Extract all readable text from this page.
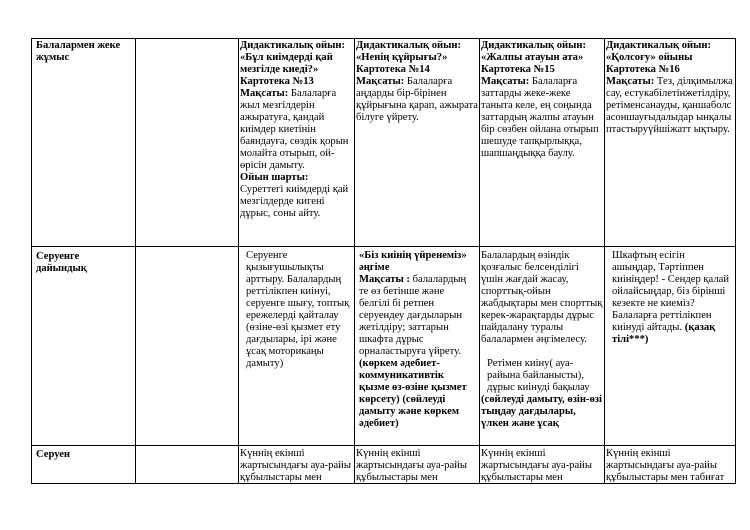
Балалармен жеке жұмыс

Дидактикалық ойын: «Бұл киімдерді қай мезгілде киеді?»

Картотека №13

Мақсаты: Балаларға жыл мезгілдерін ажыратуға, қандай киімдер киетінін баяндауға, сөздік қорын молайта отырып, ой-өрісін дамыту.

Ойын шарты:

Суреттегі киімдерді қай мезгілдерде кигені дұрыс, соны айту.

Дидактикалық ойын: «Ненің құйрығы?»

Картотека №14

Мақсаты: Балаларға аңдарды бір-бірінен құйрығына қарап, ажырата білуге үйрету.

Дидактикалық ойын: «Жалпы атауын ата»

Картотека №15

Мақсаты: Балаларға заттарды жеке-жеке таныта келе, ең соңында заттардың жалпы атауын бір сөзбен ойлана отырып шешуде тапқырлыққа, шапшаңдыққа баулу.

Дидактикалық ойын: «Қолсоғу» ойыны

Картотека №16

Мақсаты: Тез, ділқимылжасау, естукабілетінжетілдіру, ретіменсанауды, қаншаболсасоншауғыдалыдар ынқалыптастыруүйшіжатт ықтыру.

Серуенге дайындық

Серуенге қызығушылықты арттыру. Балалардың реттілікпен киінуі, серуенге шығу, топтық ережелерді қайталау (өзіне-өзі қызмет ету дағдылары, ірі және ұсақ моторикаңы дамыту)

«Біз киінің үйренеміз» әңгіме

Мақсаты : балалардың те өз бетінше және белгілі бі ретпен серуендеу дағдыларын жетілдіру; заттарын шкафта дұрыс орналастыруға үйрету.

(көркем әдебиет-коммуникативтік қызме өз-өзіне қызмет көрсету) (сөйлеуді дамыту және көркем әдебиет)

Балалардың өзіндік қозғалыс белсенділігі үшін жағдай жасау, спорттық-ойын жабдықтары мен спорттық керек-жарақтарды дұрыс пайдалану туралы балалармен әңгімелесу.

Ретімен киіну( ауа-райына байланысты), дұрыс киінуді бақылау

(сөйлеуді дамыту, өзін-өзі тыңдау дағдылары, үлкен және ұсақ

Шкафтың есігін ашыңдар, Тәртіппен киініңдер! - Сендер қалай ойлайсыңдар, біз бірінші кезекте не киеміз? Балаларға реттілікпен киінуді айтады. (қазақ тілі***)

Серуен	Күннің екінші жартысындағы ауа-райы құбылыстары мен

Күннің екінші жартысындағы ауа-райы құбылыстары мен

Күннің екінші жартысындағы ауа-райы құбылыстары мен

Күннің екінші жартысындағы ауа-райы құбылыстары мен табиғат
